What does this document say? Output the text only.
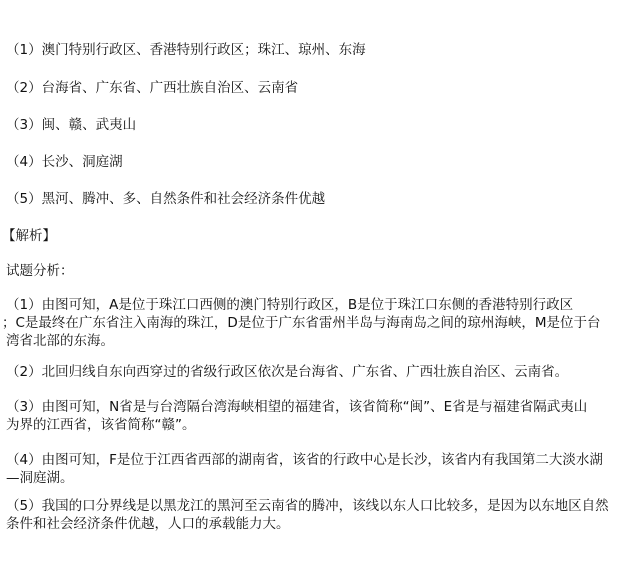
（1）澳门特别行政区、香港特别行政区；珠江、琼州、东海
（2）台海省、广东省、广西壮族自治区、云南省
（3）闽、赣、武夷山
（4）长沙、洞庭湖
（5）黑河、腾冲、多、自然条件和社会经济条件优越
【解析】
试题分析：
（1）由图可知，A是位于珠江口西侧的澳门特别行政区，B是位于珠江口东侧的香港特别行政区
；C是最终在广东省注入南海的珠江，D是位于广东省雷州半岛与海南岛之间的琼州海峡，M是位于台
湾省北部的东海。
（2）北回归线自东向西穿过的省级行政区依次是台海省、广东省、广西壮族自治区、云南省。
（3）由图可知，N省是与台湾隔台湾海峡相望的福建省，该省简称“闽”、E省是与福建省隔武夷山
为界的江西省，该省简称“赣”。
（4）由图可知，F是位于江西省西部的湖南省，该省的行政中心是长沙，该省内有我国第二大淡水湖
—洞庭湖。
（5）我国的口分界线是以黑龙江的黑河至云南省的腾冲，该线以东人口比较多，是因为以东地区自然
条件和社会经济条件优越，人口的承载能力大。
